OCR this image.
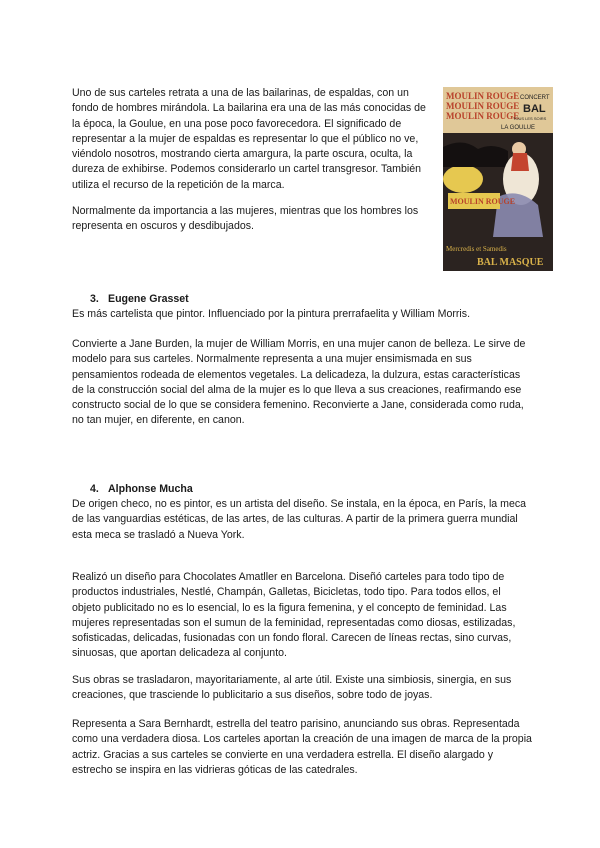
Uno de sus carteles retrata a una de las bailarinas, de espaldas, con un fondo de hombres mirándola. La bailarina era una de las más conocidas de la época, la Goulue, en una pose poco favorecedora. El significado de representar a la mujer de espaldas es representar lo que el público no ve, viéndolo nosotros, mostrando cierta amargura, la parte oscura, oculta, la dureza de exhibirse. Podemos considerarlo un cartel transgresor. También utiliza el recurso de la repetición de la marca.

MOULIN ROUGE
MOULIN ROUGE
MOULIN ROUGE
CONCERT
BAL
TOUS LES SOIRS
LA GOULUE
MOULIN ROUGE
Mercredis et Samedis
BAL MASQUE

Normalmente da importancia a las mujeres, mientras que los hombres los representa en oscuros y desdibujados.

3. Eugene Grasset

Es más cartelista que pintor. Influenciado por la pintura prerrafaelita y William Morris.

Convierte a Jane Burden, la mujer de William Morris, en una mujer canon de belleza. Le sirve de modelo para sus carteles. Normalmente representa a una mujer ensimismada en sus pensamientos rodeada de elementos vegetales. La delicadeza, la dulzura, estas características de la construcción social del alma de la mujer es lo que lleva a sus creaciones, reafirmando ese constructo social de lo que se considera femenino. Reconvierte a Jane, considerada como ruda, no tan mujer, en diferente, en canon.

4. Alphonse Mucha

De origen checo, no es pintor, es un artista del diseño. Se instala, en la época, en París, la meca de las vanguardias estéticas, de las artes, de las culturas. A partir de la primera guerra mundial esta meca se trasladó a Nueva York.

Realizó un diseño para Chocolates Amatller en Barcelona. Diseñó carteles para todo tipo de productos industriales, Nestlé, Champán, Galletas, Bicicletas, todo tipo. Para todos ellos, el objeto publicitado no es lo esencial, lo es la figura femenina, y el concepto de feminidad. Las mujeres representadas son el sumun de la feminidad, representadas como diosas, estilizadas, sofisticadas, delicadas, fusionadas con un fondo floral. Carecen de líneas rectas, sino curvas, sinuosas, que aportan delicadeza al conjunto.

Sus obras se trasladaron, mayoritariamente, al arte útil. Existe una simbiosis, sinergia, en sus creaciones, que trasciende lo publicitario a sus diseños, sobre todo de joyas.

Representa a Sara Bernhardt, estrella del teatro parisino, anunciando sus obras. Representada como una verdadera diosa. Los carteles aportan la creación de una imagen de marca de la propia actriz. Gracias a sus carteles se convierte en una verdadera estrella. El diseño alargado y estrecho se inspira en las vidrieras góticas de las catedrales.
